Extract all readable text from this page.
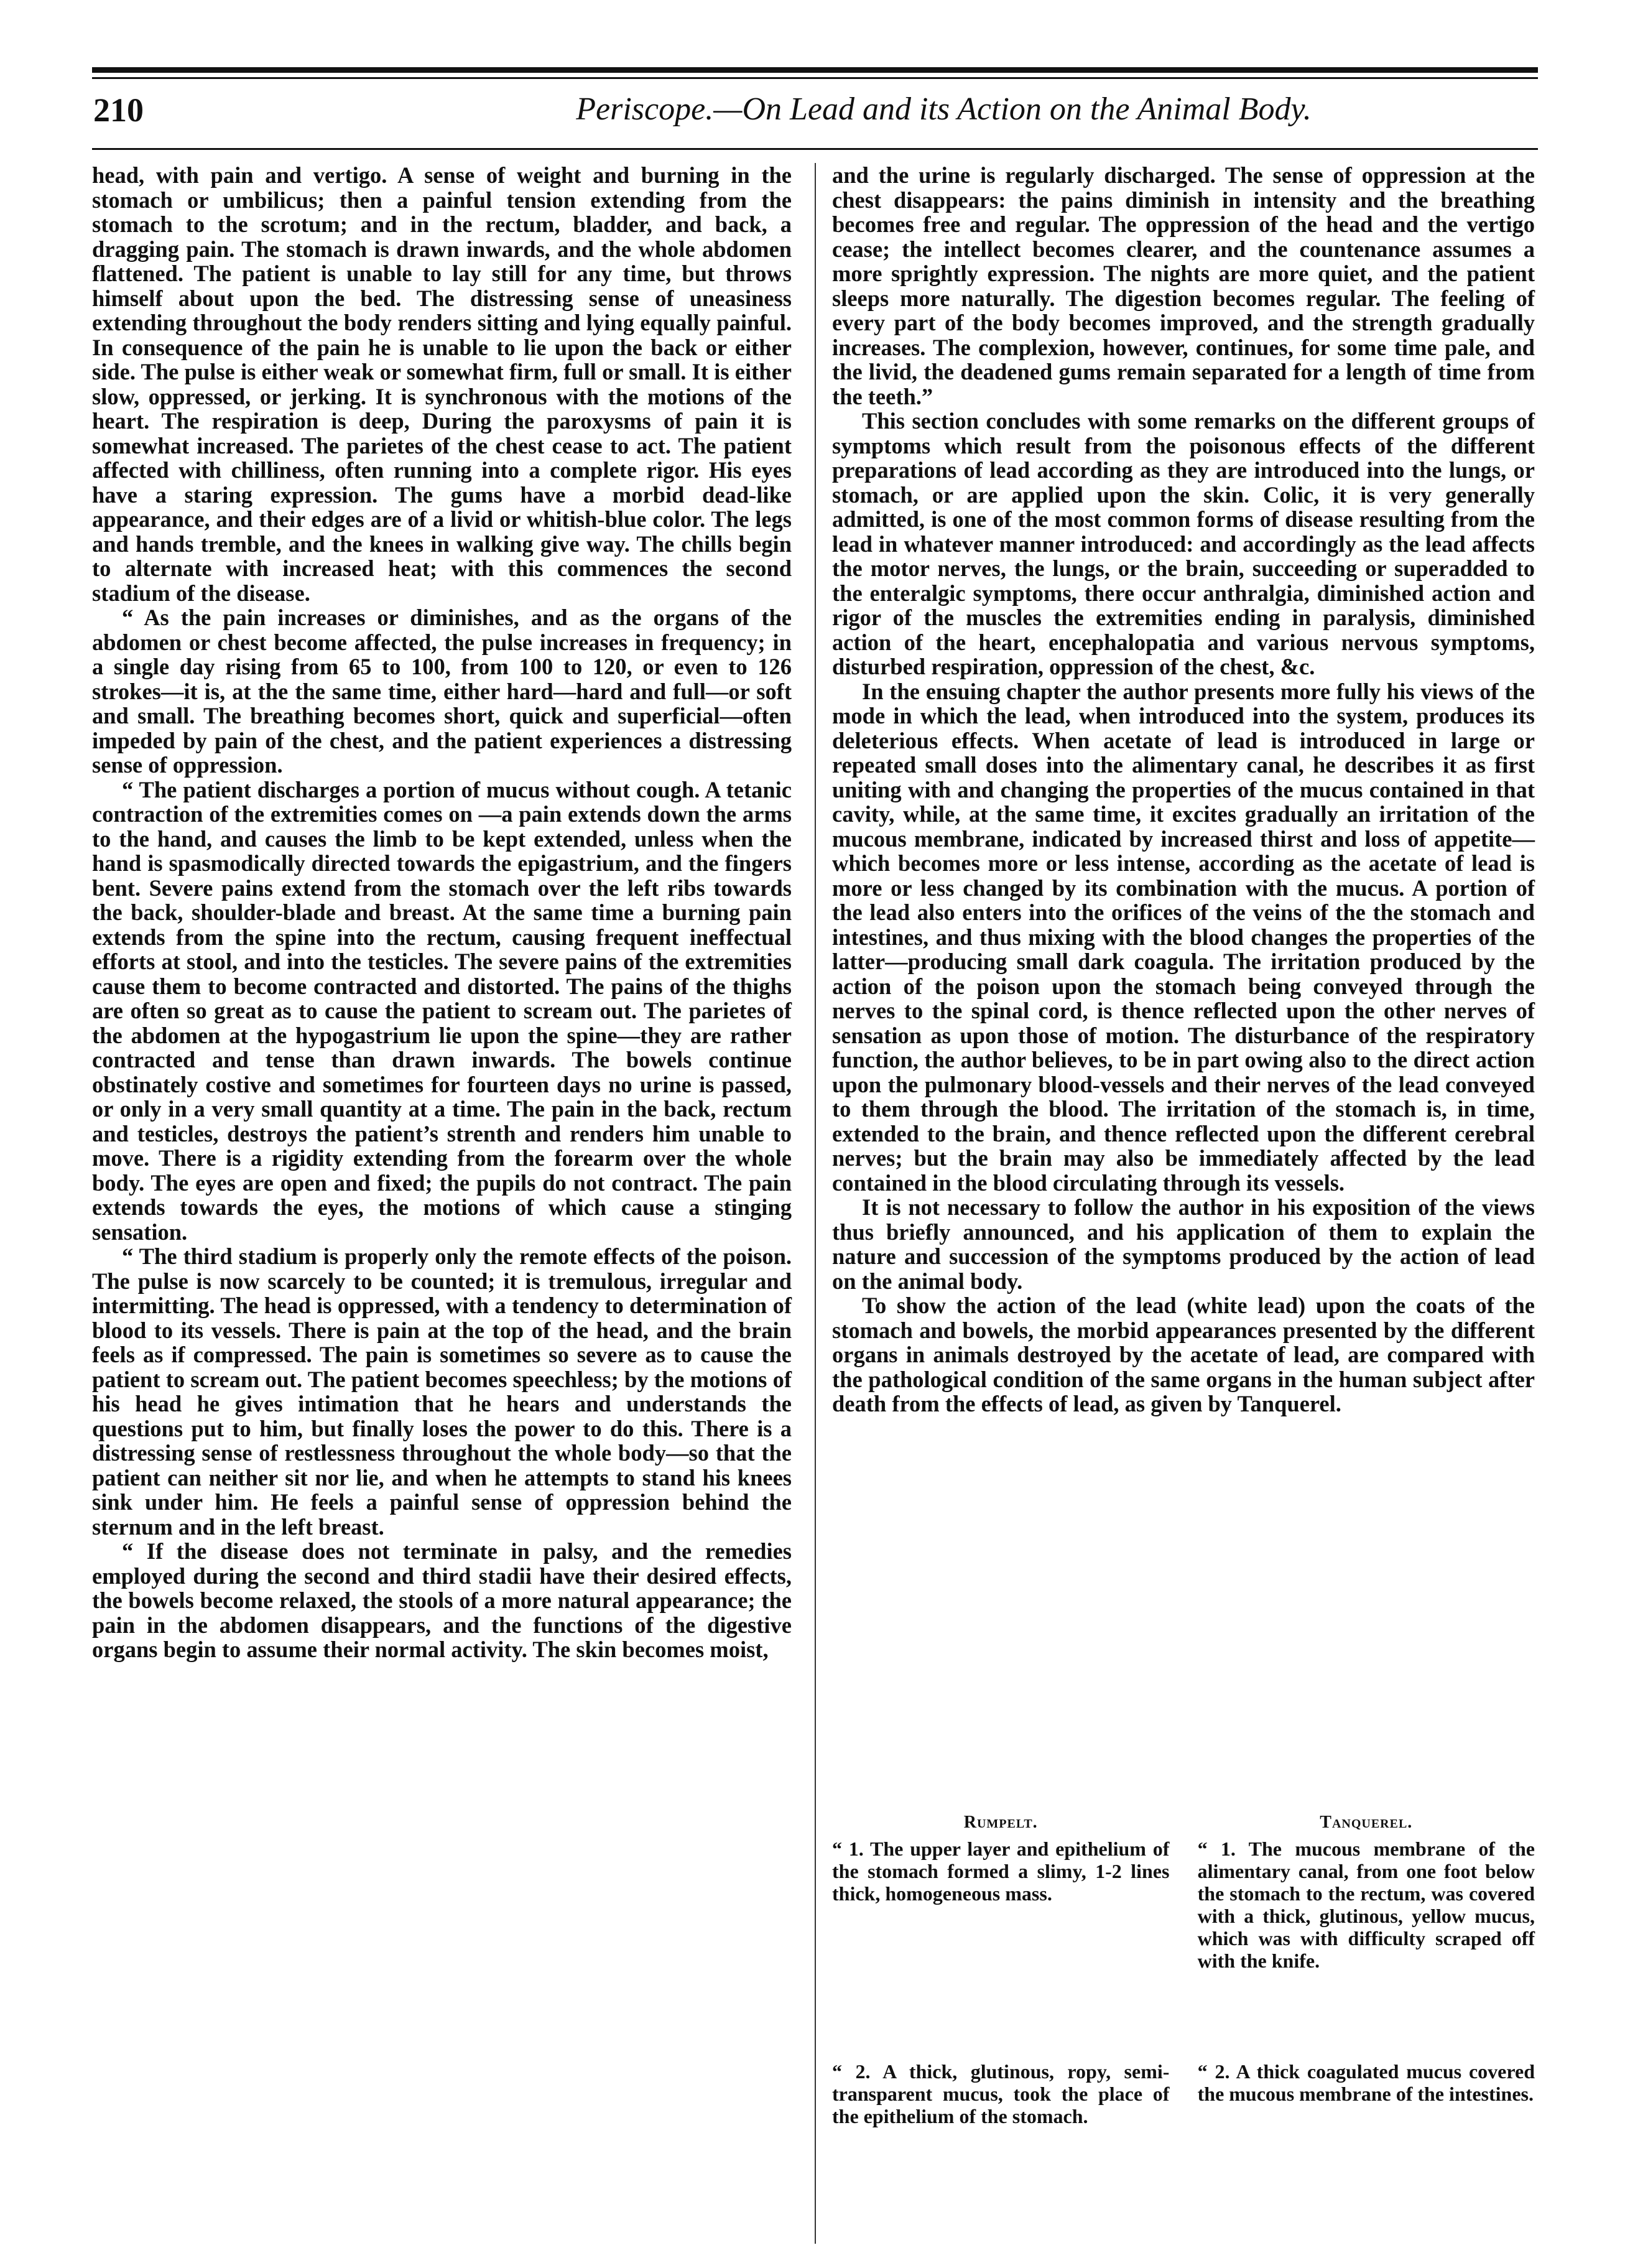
210	Periscope.—On Lead and its Action on the Animal Body.

head, with pain and vertigo. A sense of weight and burning in the stomach or umbilicus; then a painful tension extending from the stomach to the scrotum; and in the rectum, bladder, and back, a dragging pain. The stomach is drawn inwards, and the whole abdomen flattened. The patient is unable to lay still for any time, but throws himself about upon the bed. The distressing sense of uneasiness extending throughout the body renders sitting and lying equally painful. In consequence of the pain he is unable to lie upon the back or either side. The pulse is either weak or somewhat firm, full or small. It is either slow, oppressed, or jerking. It is synchronous with the motions of the heart. The respiration is deep, During the paroxysms of pain it is somewhat increased. The parietes of the chest cease to act. The patient affected with chilliness, often running into a complete rigor. His eyes have a staring expression. The gums have a morbid dead-like appearance, and their edges are of a livid or whitish-blue color. The legs and hands tremble, and the knees in walking give way. The chills begin to alternate with increased heat; with this commences the second stadium of the disease.

“ As the pain increases or diminishes, and as the organs of the abdomen or chest become affected, the pulse increases in frequency; in a single day rising from 65 to 100, from 100 to 120, or even to 126 strokes—it is, at the the same time, either hard—hard and full—or soft and small. The breathing becomes short, quick and superficial—often impeded by pain of the chest, and the patient experiences a distressing sense of oppression.

“ The patient discharges a portion of mucus without cough. A tetanic contraction of the extremities comes on —a pain extends down the arms to the hand, and causes the limb to be kept extended, unless when the hand is spasmodically directed towards the epigastrium, and the fingers bent. Severe pains extend from the stomach over the left ribs towards the back, shoulder-blade and breast. At the same time a burning pain extends from the spine into the rectum, causing frequent ineffectual efforts at stool, and into the testicles. The severe pains of the extremities cause them to become contracted and distorted. The pains of the thighs are often so great as to cause the patient to scream out. The parietes of the abdomen at the hypogastrium lie upon the spine—they are rather contracted and tense than drawn inwards. The bowels continue obstinately costive and sometimes for fourteen days no urine is passed, or only in a very small quantity at a time. The pain in the back, rectum and testicles, destroys the patient’s strenth and renders him unable to move. There is a rigidity extending from the forearm over the whole body. The eyes are open and fixed; the pupils do not contract. The pain extends towards the eyes, the motions of which cause a stinging sensation.

“ The third stadium is properly only the remote effects of the poison. The pulse is now scarcely to be counted; it is tremulous, irregular and intermitting. The head is oppressed, with a tendency to determination of blood to its vessels. There is pain at the top of the head, and the brain feels as if compressed. The pain is sometimes so severe as to cause the patient to scream out. The patient becomes speechless; by the motions of his head he gives intimation that he hears and understands the questions put to him, but finally loses the power to do this. There is a distressing sense of restlessness throughout the whole body—so that the patient can neither sit nor lie, and when he attempts to stand his knees sink under him. He feels a painful sense of oppression behind the sternum and in the left breast.

“ If the disease does not terminate in palsy, and the remedies employed during the second and third stadii have their desired effects, the bowels become relaxed, the stools of a more natural appearance; the pain in the abdomen disappears, and the functions of the digestive organs begin to assume their normal activity. The skin becomes moist,

and the urine is regularly discharged. The sense of oppression at the chest disappears: the pains diminish in intensity and the breathing becomes free and regular. The oppression of the head and the vertigo cease; the intellect becomes clearer, and the countenance assumes a more sprightly expression. The nights are more quiet, and the patient sleeps more naturally. The digestion becomes regular. The feeling of every part of the body becomes improved, and the strength gradually increases. The complexion, however, continues, for some time pale, and the livid, the deadened gums remain separated for a length of time from the teeth.”

This section concludes with some remarks on the different groups of symptoms which result from the poisonous effects of the different preparations of lead according as they are introduced into the lungs, or stomach, or are applied upon the skin. Colic, it is very generally admitted, is one of the most common forms of disease resulting from the lead in whatever manner introduced: and accordingly as the lead affects the motor nerves, the lungs, or the brain, succeeding or superadded to the enteralgic symptoms, there occur anthralgia, diminished action and rigor of the muscles the extremities ending in paralysis, diminished action of the heart, encephalopatia and various nervous symptoms, disturbed respiration, oppression of the chest, &c.

In the ensuing chapter the author presents more fully his views of the mode in which the lead, when introduced into the system, produces its deleterious effects. When acetate of lead is introduced in large or repeated small doses into the alimentary canal, he describes it as first uniting with and changing the properties of the mucus contained in that cavity, while, at the same time, it excites gradually an irritation of the mucous membrane, indicated by increased thirst and loss of appetite—which becomes more or less intense, according as the acetate of lead is more or less changed by its combination with the mucus. A portion of the lead also enters into the orifices of the veins of the the stomach and intestines, and thus mixing with the blood changes the properties of the latter—producing small dark coagula. The irritation produced by the action of the poison upon the stomach being conveyed through the nerves to the spinal cord, is thence reflected upon the other nerves of sensation as upon those of motion. The disturbance of the respiratory function, the author believes, to be in part owing also to the direct action upon the pulmonary blood-vessels and their nerves of the lead conveyed to them through the blood. The irritation of the stomach is, in time, extended to the brain, and thence reflected upon the different cerebral nerves; but the brain may also be immediately affected by the lead contained in the blood circulating through its vessels.

It is not necessary to follow the author in his exposition of the views thus briefly announced, and his application of them to explain the nature and succession of the symptoms produced by the action of lead on the animal body.

To show the action of the lead (white lead) upon the coats of the stomach and bowels, the morbid appearances presented by the different organs in animals destroyed by the acetate of lead, are compared with the pathological condition of the same organs in the human subject after death from the effects of lead, as given by Tanquerel.

Rumpelt.	Tanquerel.
“ 1. The upper layer and epithelium of the stomach formed a slimy, 1-2 lines thick, homogeneous mass.
“ 1. The mucous membrane of the alimentary canal, from one foot below the stomach to the rectum, was covered with a thick, glutinous, yellow mucus, which was with difficulty scraped off with the knife.
“ 2. A thick, glutinous, ropy, semi-transparent mucus, took the place of the epithelium of the stomach.
“ 2. A thick coagulated mucus covered the mucous membrane of the intestines.
